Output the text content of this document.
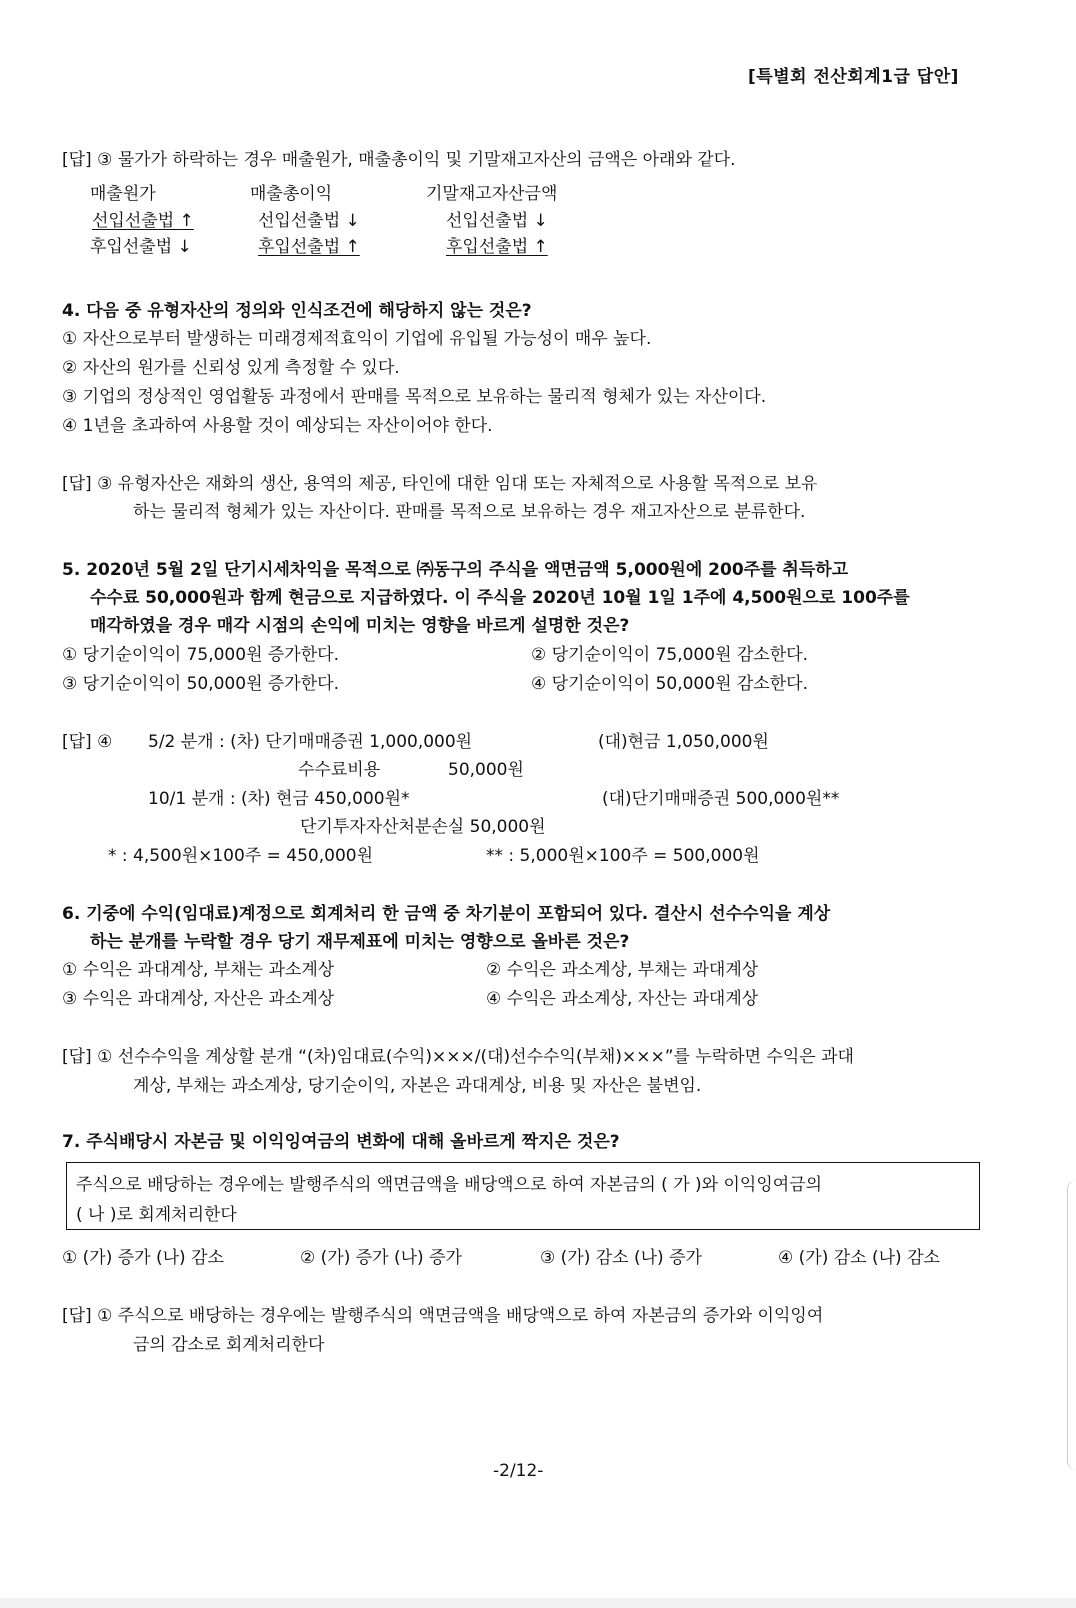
[특별회 전산회계1급 답안]
[답] ③ 물가가 하락하는 경우 매출원가, 매출총이익 및 기말재고자산의 금액은 아래와 같다.
매출원가	매출총이익	기말재고자산금액
선입선출법 ↑	선입선출법 ↓	선입선출법 ↓
후입선출법 ↓	후입선출법 ↑	후입선출법 ↑
4. 다음 중 유형자산의 정의와 인식조건에 해당하지 않는 것은?
① 자산으로부터 발생하는 미래경제적효익이 기업에 유입될 가능성이 매우 높다.
② 자산의 원가를 신뢰성 있게 측정할 수 있다.
③ 기업의 정상적인 영업활동 과정에서 판매를 목적으로 보유하는 물리적 형체가 있는 자산이다.
④ 1년을 초과하여 사용할 것이 예상되는 자산이어야 한다.
[답] ③ 유형자산은 재화의 생산, 용역의 제공, 타인에 대한 임대 또는 자체적으로 사용할 목적으로 보유
하는 물리적 형체가 있는 자산이다. 판매를 목적으로 보유하는 경우 재고자산으로 분류한다.
5. 2020년 5월 2일 단기시세차익을 목적으로 ㈜동구의 주식을 액면금액 5,000원에 200주를 취득하고
수수료 50,000원과 함께 현금으로 지급하였다. 이 주식을 2020년 10월 1일 1주에 4,500원으로 100주를
매각하였을 경우 매각 시점의 손익에 미치는 영향을 바르게 설명한 것은?
① 당기순이익이 75,000원 증가한다.	② 당기순이익이 75,000원 감소한다.
③ 당기순이익이 50,000원 증가한다.	④ 당기순이익이 50,000원 감소한다.
[답] ④ 5/2 분개 : (차) 단기매매증권 1,000,000원	(대)현금 1,050,000원
수수료비용	50,000원
10/1 분개 : (차) 현금 450,000원*	(대)단기매매증권 500,000원**
단기투자자산처분손실 50,000원
* : 4,500원×100주 = 450,000원	** : 5,000원×100주 = 500,000원
6. 기중에 수익(임대료)계정으로 회계처리 한 금액 중 차기분이 포함되어 있다. 결산시 선수수익을 계상
하는 분개를 누락할 경우 당기 재무제표에 미치는 영향으로 올바른 것은?
① 수익은 과대계상, 부채는 과소계상	② 수익은 과소계상, 부채는 과대계상
③ 수익은 과대계상, 자산은 과소계상	④ 수익은 과소계상, 자산는 과대계상
[답] ① 선수수익을 계상할 분개 “(차)임대료(수익)×××/(대)선수수익(부채)×××”를 누락하면 수익은 과대
계상, 부채는 과소계상, 당기순이익, 자본은 과대계상, 비용 및 자산은 불변임.
7. 주식배당시 자본금 및 이익잉여금의 변화에 대해 올바르게 짝지은 것은?
주식으로 배당하는 경우에는 발행주식의 액면금액을 배당액으로 하여 자본금의 ( 가 )와 이익잉여금의
( 나 )로 회계처리한다
① (가) 증가 (나) 감소	② (가) 증가 (나) 증가	③ (가) 감소 (나) 증가	④ (가) 감소 (나) 감소
[답] ① 주식으로 배당하는 경우에는 발행주식의 액면금액을 배당액으로 하여 자본금의 증가와 이익잉여
금의 감소로 회계처리한다
-2/12-
